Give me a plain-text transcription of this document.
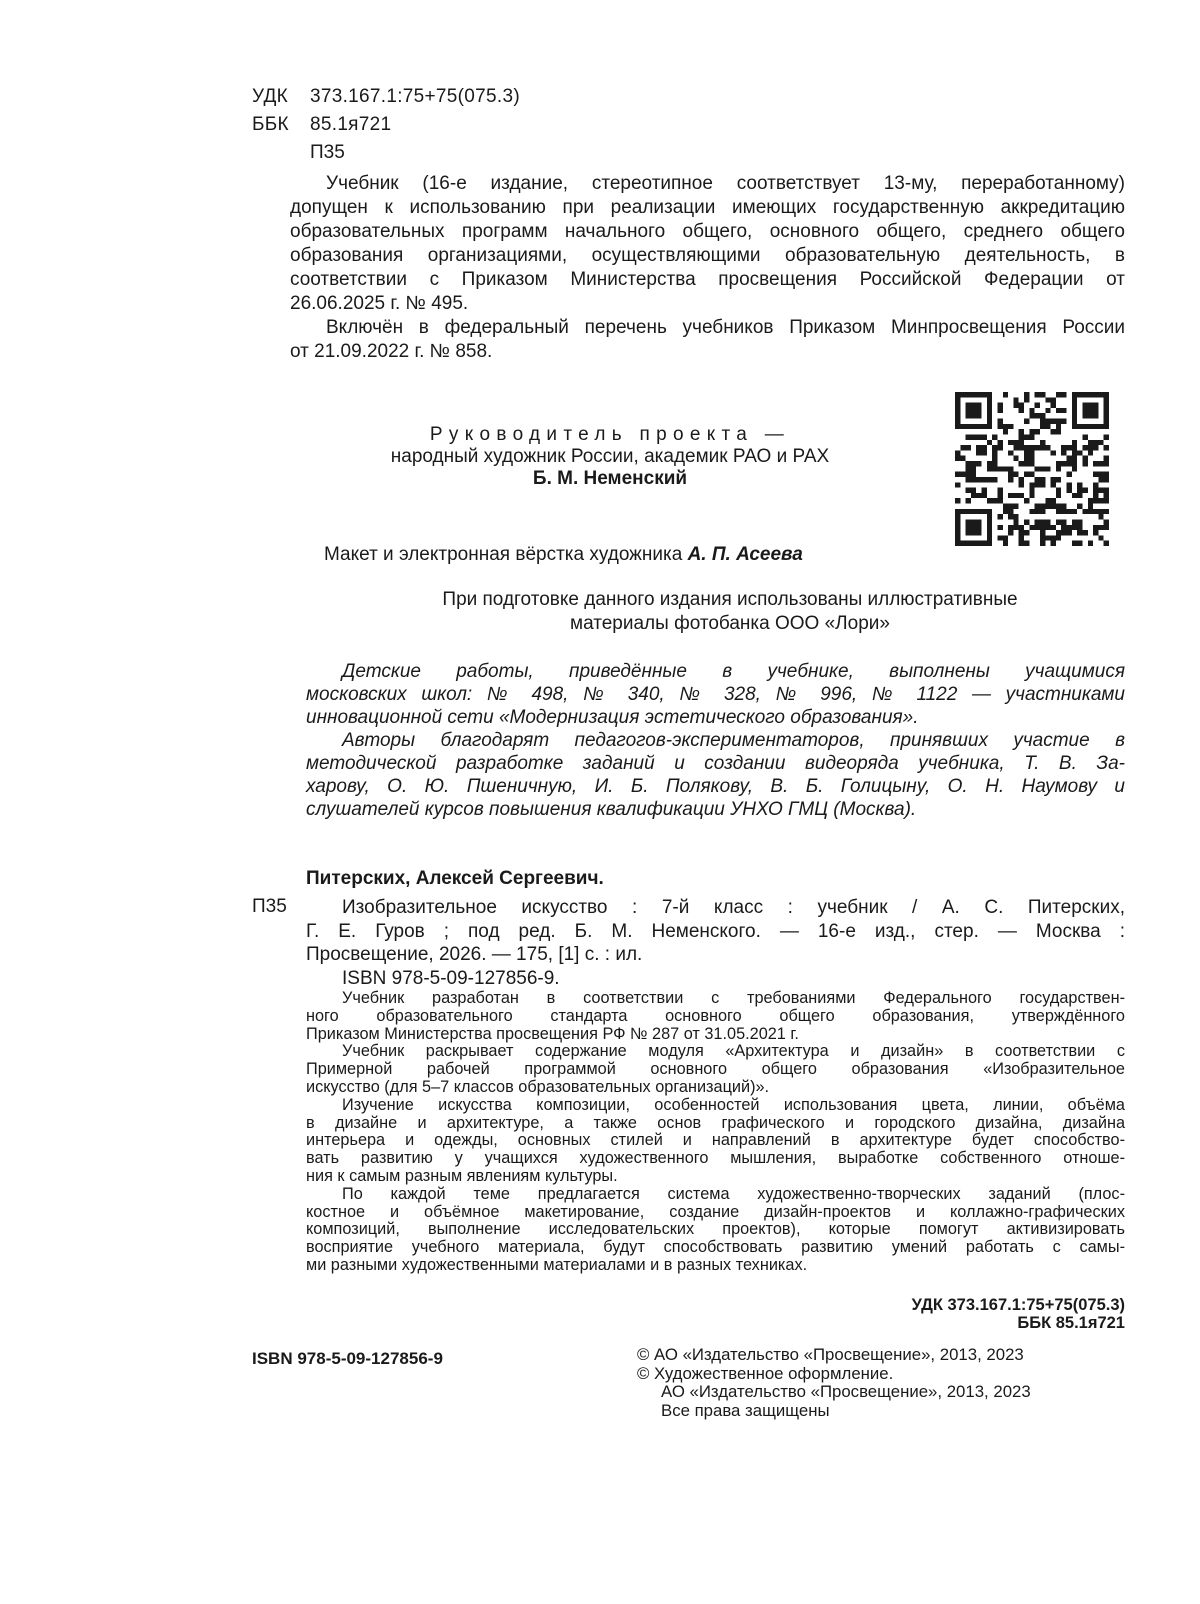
УДК 373.167.1:75+75(075.3)
ББК 85.1я721
П35
Учебник (16-е издание, стереотипное соответствует 13-му, переработанному)
допущен к использованию при реализации имеющих государственную аккредитацию
образовательных программ начального общего, основного общего, среднего общего
образования организациями, осуществляющими образовательную деятельность, в
соответствии с Приказом Министерства просвещения Российской Федерации от
26.06.2025 г. № 495.
Включён в федеральный перечень учебников Приказом Минпросвещения России
от 21.09.2022 г. № 858.
Руководитель проекта —
народный художник России, академик РАО и РАХ
Б. М. Неменский
Макет и электронная вёрстка художника А. П. Асеева
При подготовке данного издания использованы иллюстративные
материалы фотобанка ООО «Лори»
Детские работы, приведённые в учебнике, выполнены учащимися
московских школ: № 498, № 340, № 328, № 996, № 1122 — участниками
инновационной сети «Модернизация эстетического образования».
Авторы благодарят педагогов-экспериментаторов, принявших участие в
методической разработке заданий и создании видеоряда учебника, Т. В. За-
харову, О. Ю. Пшеничную, И. Б. Полякову, В. Б. Голицыну, О. Н. Наумову и
слушателей курсов повышения квалификации УНХО ГМЦ (Москва).
Питерских, Алексей Сергеевич.
П35	Изобразительное искусство : 7-й класс : учебник / А. С. Питерских,
Г. Е. Гуров ; под ред. Б. М. Неменского. — 16-е изд., стер. — Москва :
Просвещение, 2026. — 175, [1] с. : ил.
ISBN 978-5-09-127856-9.
Учебник разработан в соответствии с требованиями Федерального государствен-
ного образовательного стандарта основного общего образования, утверждённого
Приказом Министерства просвещения РФ № 287 от 31.05.2021 г.
Учебник раскрывает содержание модуля «Архитектура и дизайн» в соответствии с
Примерной рабочей программой основного общего образования «Изобразительное
искусство (для 5–7 классов образовательных организаций)».
Изучение искусства композиции, особенностей использования цвета, линии, объёма
в дизайне и архитектуре, а также основ графического и городского дизайна, дизайна
интерьера и одежды, основных стилей и направлений в архитектуре будет способство-
вать развитию у учащихся художественного мышления, выработке собственного отноше-
ния к самым разным явлениям культуры.
По каждой теме предлагается система художественно-творческих заданий (плос-
костное и объёмное макетирование, создание дизайн-проектов и коллажно-графических
композиций, выполнение исследовательских проектов), которые помогут активизировать
восприятие учебного материала, будут способствовать развитию умений работать с самы-
ми разными художественными материалами и в разных техниках.
УДК 373.167.1:75+75(075.3)
ББК 85.1я721
ISBN 978-5-09-127856-9	© АО «Издательство «Просвещение», 2013, 2023
© Художественное оформление.
АО «Издательство «Просвещение», 2013, 2023
Все права защищены
